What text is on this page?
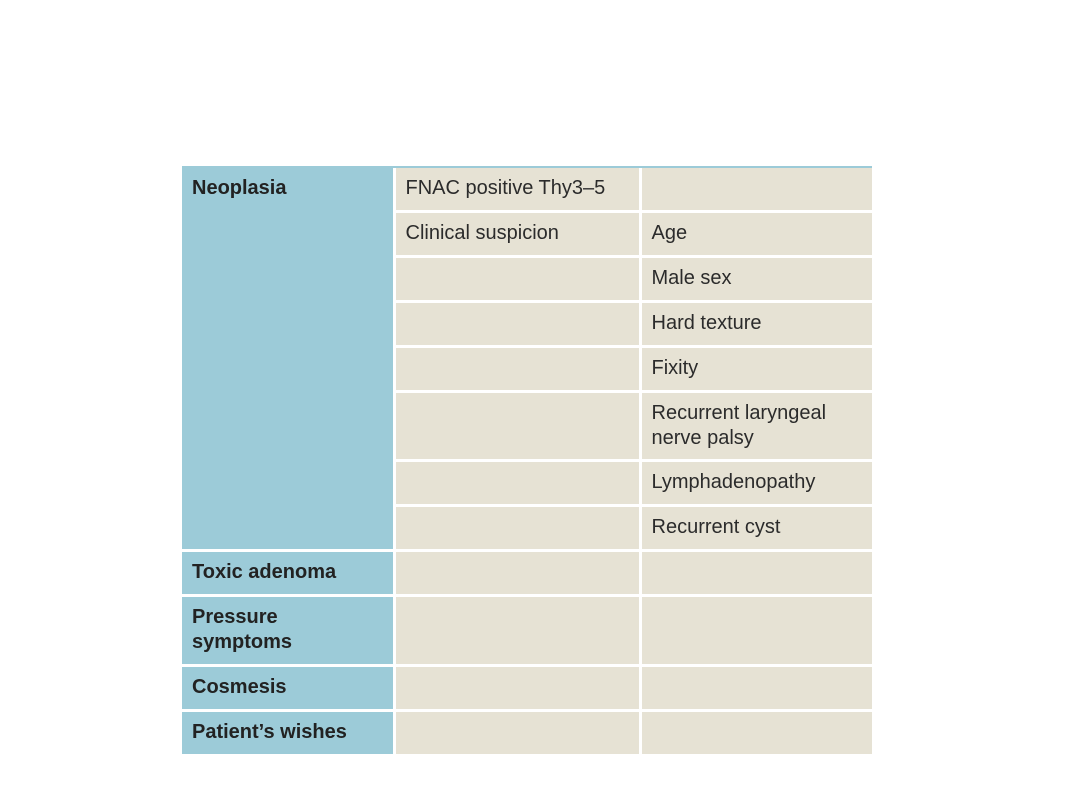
Neoplasia	FNAC positive Thy3–5	
	Clinical suspicion	Age
		Male sex
		Hard texture
		Fixity
		Recurrent laryngeal nerve palsy
		Lymphadenopathy
		Recurrent cyst
Toxic adenoma		
Pressure symptoms		
Cosmesis		
Patient’s wishes		
